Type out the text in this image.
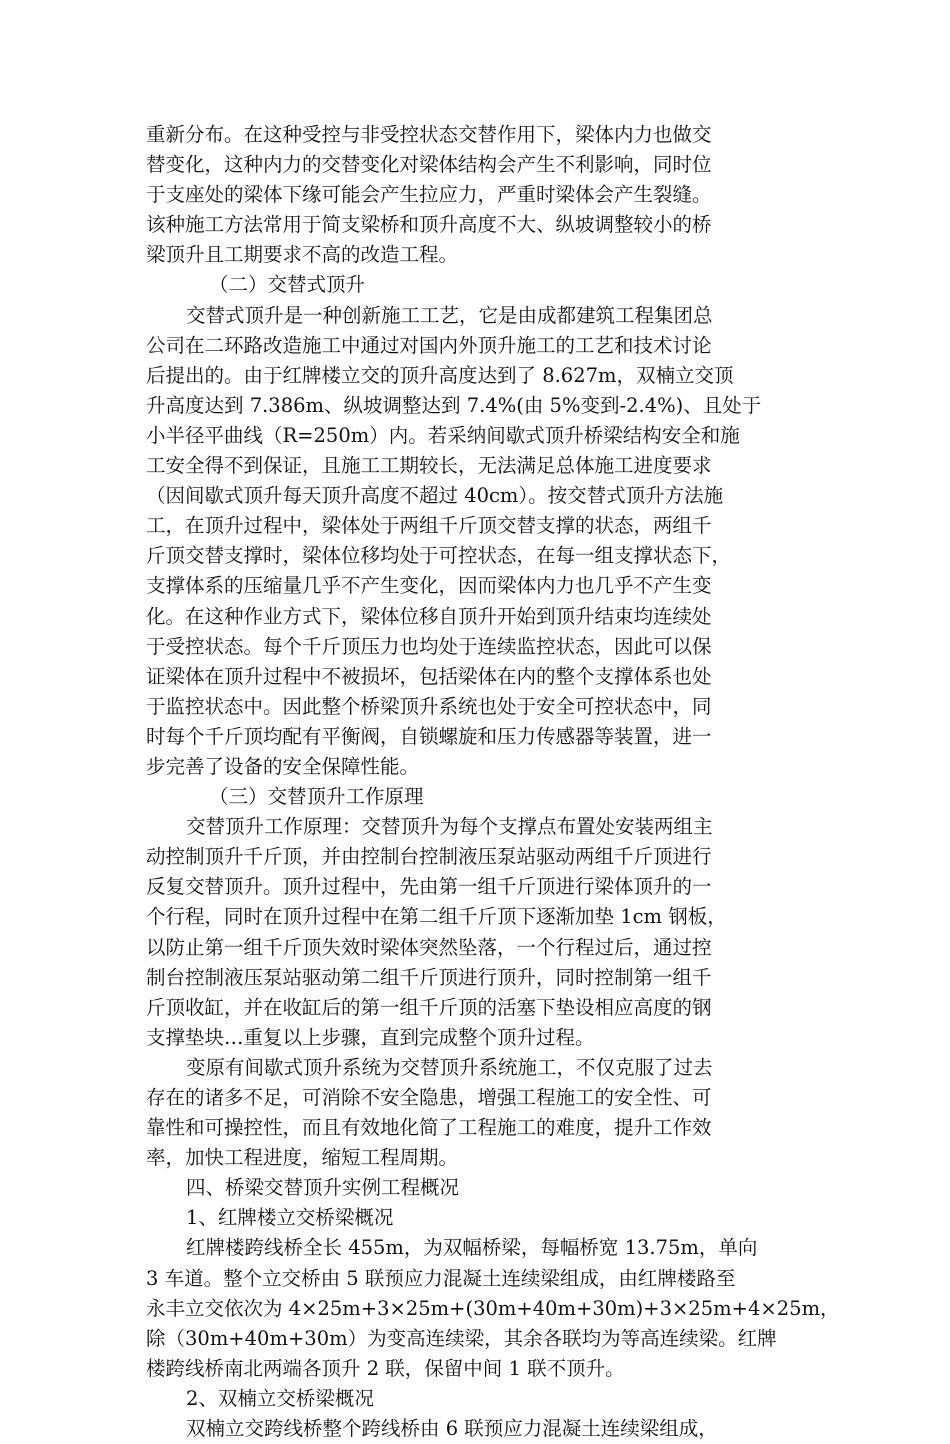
重新分布。在这种受控与非受控状态交替作用下，梁体内力也做交
替变化，这种内力的交替变化对梁体结构会产生不利影响，同时位
于支座处的梁体下缘可能会产生拉应力，严重时梁体会产生裂缝。
该种施工方法常用于简支梁桥和顶升高度不大、纵坡调整较小的桥
梁顶升且工期要求不高的改造工程。
（二）交替式顶升
交替式顶升是一种创新施工工艺，它是由成都建筑工程集团总
公司在二环路改造施工中通过对国内外顶升施工的工艺和技术讨论
后提出的。由于红牌楼立交的顶升高度达到了 8.627m，双楠立交顶
升高度达到 7.386m、纵坡调整达到 7.4%(由 5%变到-2.4%)、且处于
小半径平曲线（R=250m）内。若采纳间歇式顶升桥梁结构安全和施
工安全得不到保证，且施工工期较长，无法满足总体施工进度要求
（因间歇式顶升每天顶升高度不超过 40cm）。按交替式顶升方法施
工，在顶升过程中，梁体处于两组千斤顶交替支撑的状态，两组千
斤顶交替支撑时，梁体位移均处于可控状态，在每一组支撑状态下，
支撑体系的压缩量几乎不产生变化，因而梁体内力也几乎不产生变
化。在这种作业方式下，梁体位移自顶升开始到顶升结束均连续处
于受控状态。每个千斤顶压力也均处于连续监控状态，因此可以保
证梁体在顶升过程中不被损坏，包括梁体在内的整个支撑体系也处
于监控状态中。因此整个桥梁顶升系统也处于安全可控状态中，同
时每个千斤顶均配有平衡阀，自锁螺旋和压力传感器等装置，进一
步完善了设备的安全保障性能。
（三）交替顶升工作原理
交替顶升工作原理：交替顶升为每个支撑点布置处安装两组主
动控制顶升千斤顶，并由控制台控制液压泵站驱动两组千斤顶进行
反复交替顶升。顶升过程中，先由第一组千斤顶进行梁体顶升的一
个行程，同时在顶升过程中在第二组千斤顶下逐渐加垫 1cm 钢板，
以防止第一组千斤顶失效时梁体突然坠落，一个行程过后，通过控
制台控制液压泵站驱动第二组千斤顶进行顶升，同时控制第一组千
斤顶收缸，并在收缸后的第一组千斤顶的活塞下垫设相应高度的钢
支撑垫块…重复以上步骤，直到完成整个顶升过程。
变原有间歇式顶升系统为交替顶升系统施工，不仅克服了过去
存在的诸多不足，可消除不安全隐患，增强工程施工的安全性、可
靠性和可操控性，而且有效地化简了工程施工的难度，提升工作效
率，加快工程进度，缩短工程周期。
四、桥梁交替顶升实例工程概况
1、红牌楼立交桥梁概况
红牌楼跨线桥全长 455m，为双幅桥梁，每幅桥宽 13.75m，单向
3 车道。整个立交桥由 5 联预应力混凝土连续梁组成，由红牌楼路至
永丰立交依次为 4×25m+3×25m+(30m+40m+30m)+3×25m+4×25m，
除（30m+40m+30m）为变高连续梁，其余各联均为等高连续梁。红牌
楼跨线桥南北两端各顶升 2 联，保留中间 1 联不顶升。
2、双楠立交桥梁概况
双楠立交跨线桥整个跨线桥由 6 联预应力混凝土连续梁组成，
